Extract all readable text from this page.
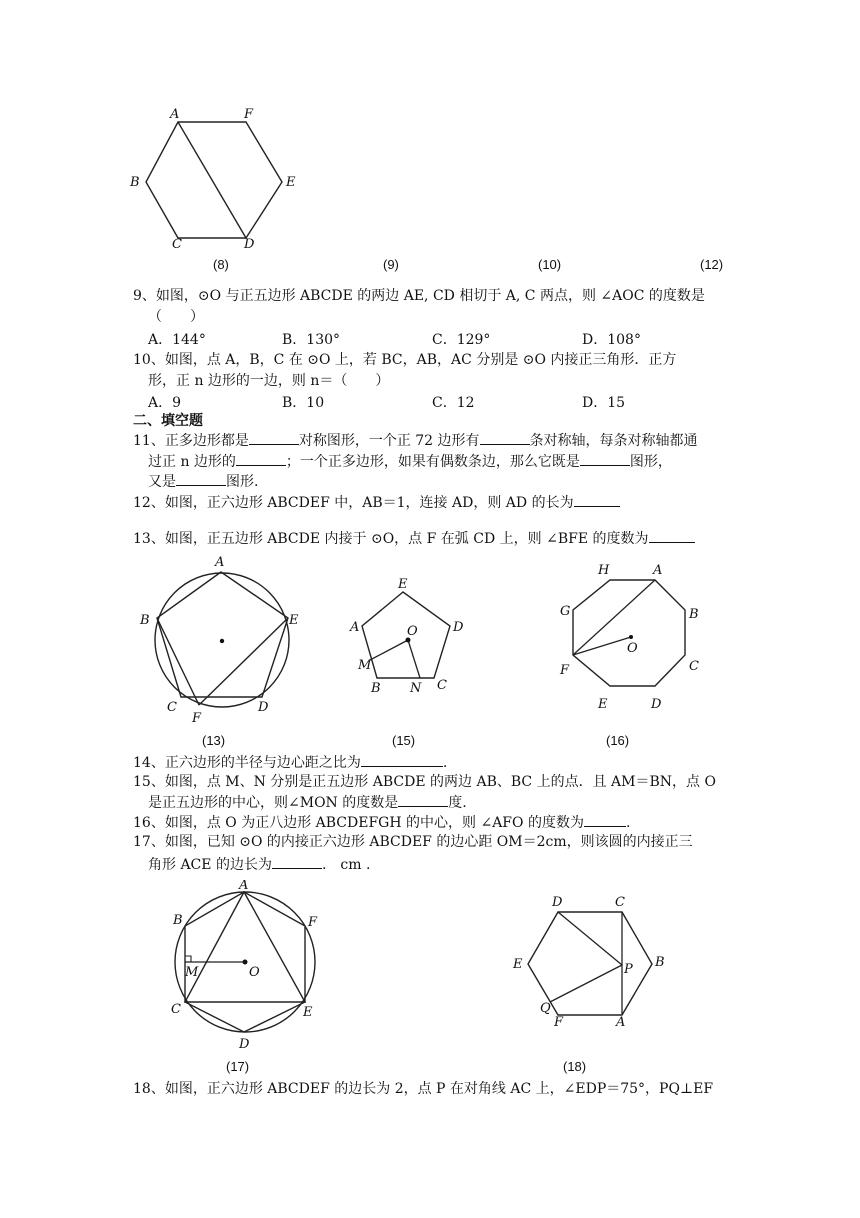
A	F
B	E
C	D
(8)	(9)	(10)	(12)
9、如图，⊙O 与正五边形 ABCDE 的两边 AE, CD 相切于 A, C 两点，则 ∠AOC 的度数是
（　　）
A．144°	B．130°	C．129°	D．108°
10、如图，点 A，B，C 在 ⊙O 上，若 BC，AB，AC 分别是 ⊙O 内接正三角形．正方
形，正 n 边形的一边，则 n＝（　　）
A．9	B．10	C．12	D．15
二、填空题
11、正多边形都是	对称图形，一个正 72 边形有	条对称轴，每条对称轴都通
过正 n 边形的	；一个正多边形，如果有偶数条边，那么它既是	图形，
又是	图形.
12、如图，正六边形 ABCDEF 中，AB＝1，连接 AD，则 AD 的长为
13、如图，正五边形 ABCDE 内接于 ⊙O，点 F 在弧 CD 上，则 ∠BFE 的度数为
A
B	E
C	D
F
E
A	D
O
M
B N C
H	A
G	B
F
O
C
E	D
(13)	(15)	(16)
14、正六边形的半径与边心距之比为	.
15、如图，点 M、N 分别是正五边形 ABCDE 的两边 AB、BC 上的点．且 AM＝BN，点 O
是正五边形的中心，则∠MON 的度数是	度.
16、如图，点 O 为正八边形 ABCDEFGH 的中心，则 ∠AFO 的度数为	.
17、如图，已知 ⊙O 的内接正六边形 ABCDEF 的边心距 OM＝2cm，则该圆的内接正三
角形 ACE 的边长为	.　cm .
A
B	F
M	O
C	E
D
D	C
E	P B
Q
F	A
(17)	(18)
18、如图，正六边形 ABCDEF 的边长为 2，点 P 在对角线 AC 上，∠EDP＝75°，PQ⊥EF
